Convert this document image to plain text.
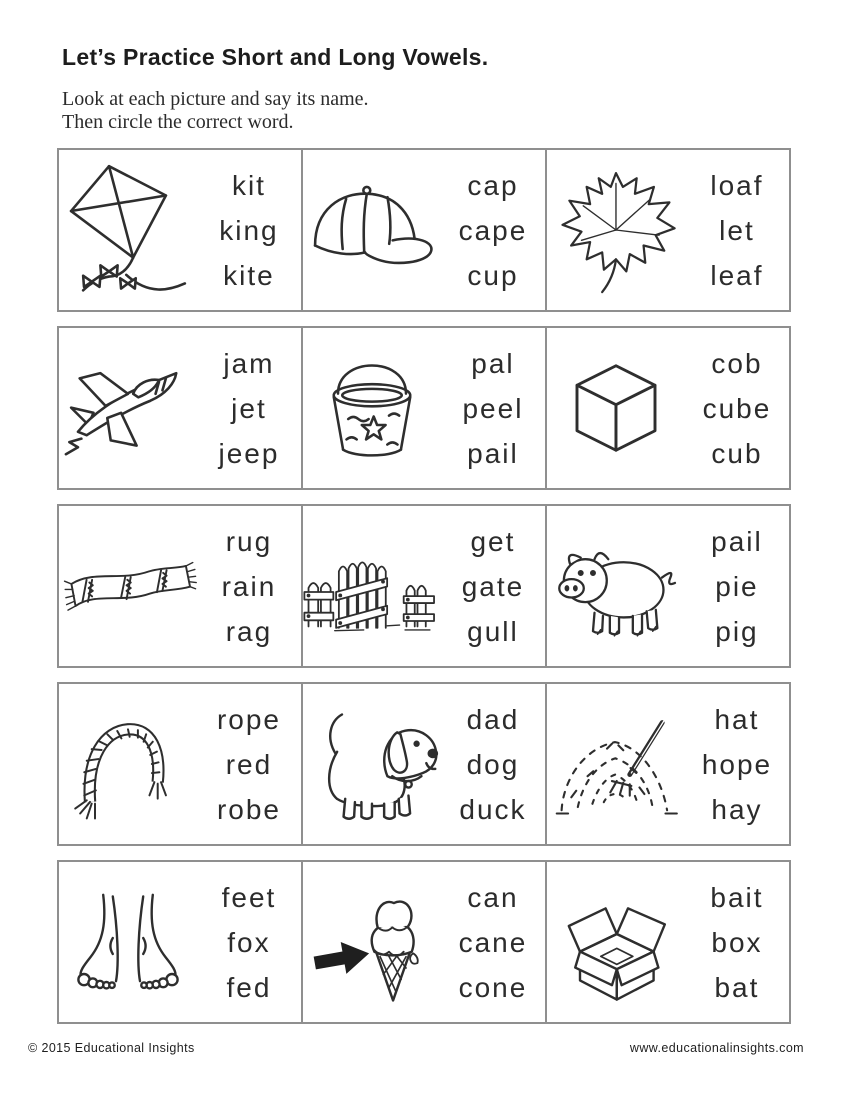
Let’s Practice Short and Long Vowels.
Look at each picture and say its name.
Then circle the correct word.
kit
king
kite
cap
cape
cup
loaf
let
leaf
jam
jet
jeep
pal
peel
pail
cob
cube
cub
rug
rain
rag
get
gate
gull
pail
pie
pig
rope
red
robe
dad
dog
duck
hat
hope
hay
feet
fox
fed
can
cane
cone
bait
box
bat
© 2015 Educational Insights	www.educationalinsights.com
